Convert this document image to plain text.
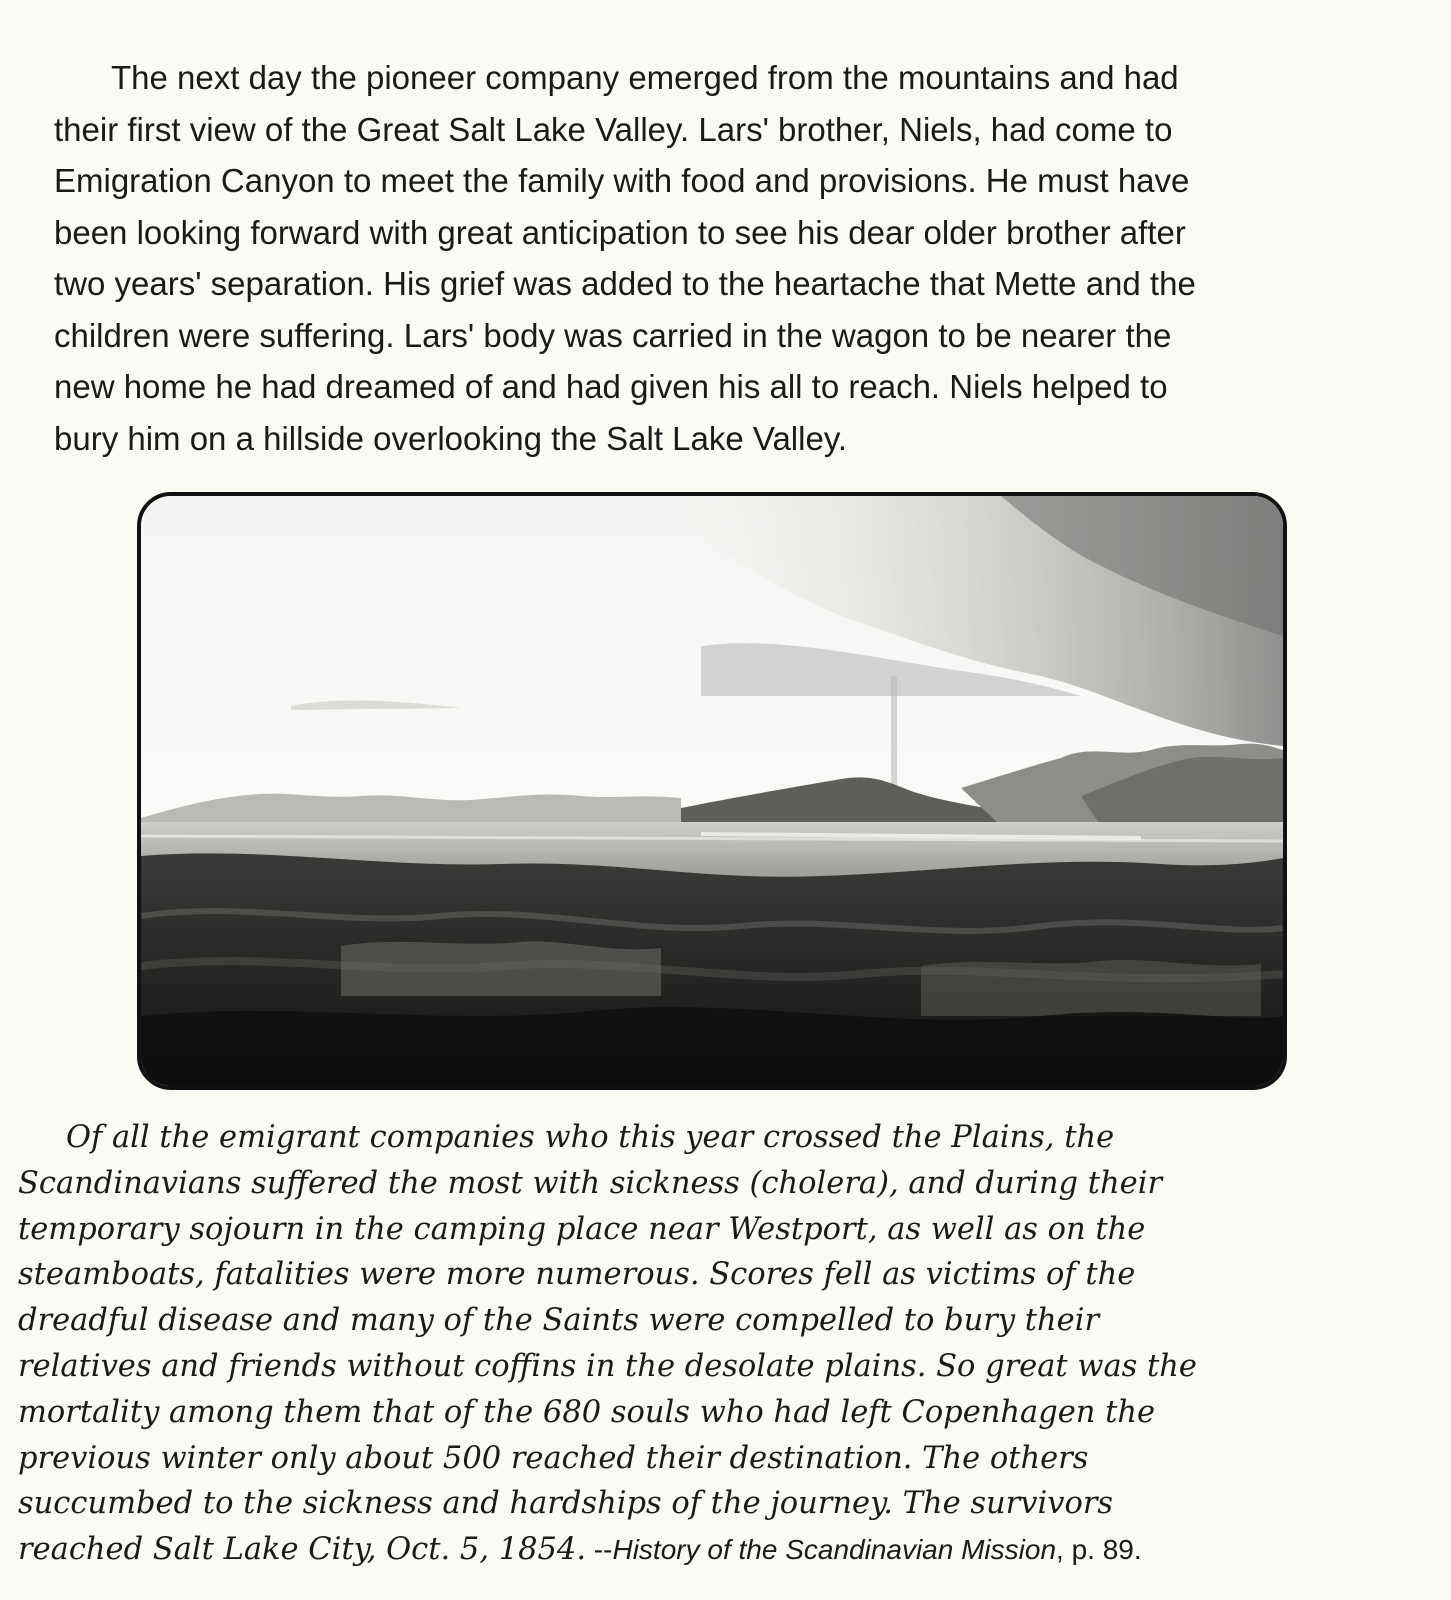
The next day the pioneer company emerged from the mountains and had
their first view of the Great Salt Lake Valley. Lars' brother, Niels, had come to
Emigration Canyon to meet the family with food and provisions. He must have
been looking forward with great anticipation to see his dear older brother after
two years' separation. His grief was added to the heartache that Mette and the
children were suffering. Lars' body was carried in the wagon to be nearer the
new home he had dreamed of and had given his all to reach. Niels helped to
bury him on a hillside overlooking the Salt Lake Valley.
Of all the emigrant companies who this year crossed the Plains, the
Scandinavians suffered the most with sickness (cholera), and during their
temporary sojourn in the camping place near Westport, as well as on the
steamboats, fatalities were more numerous. Scores fell as victims of the
dreadful disease and many of the Saints were compelled to bury their
relatives and friends without coffins in the desolate plains. So great was the
mortality among them that of the 680 souls who had left Copenhagen the
previous winter only about 500 reached their destination. The others
succumbed to the sickness and hardships of the journey. The survivors
reached Salt Lake City, Oct. 5, 1854. --History of the Scandinavian Mission, p. 89.
